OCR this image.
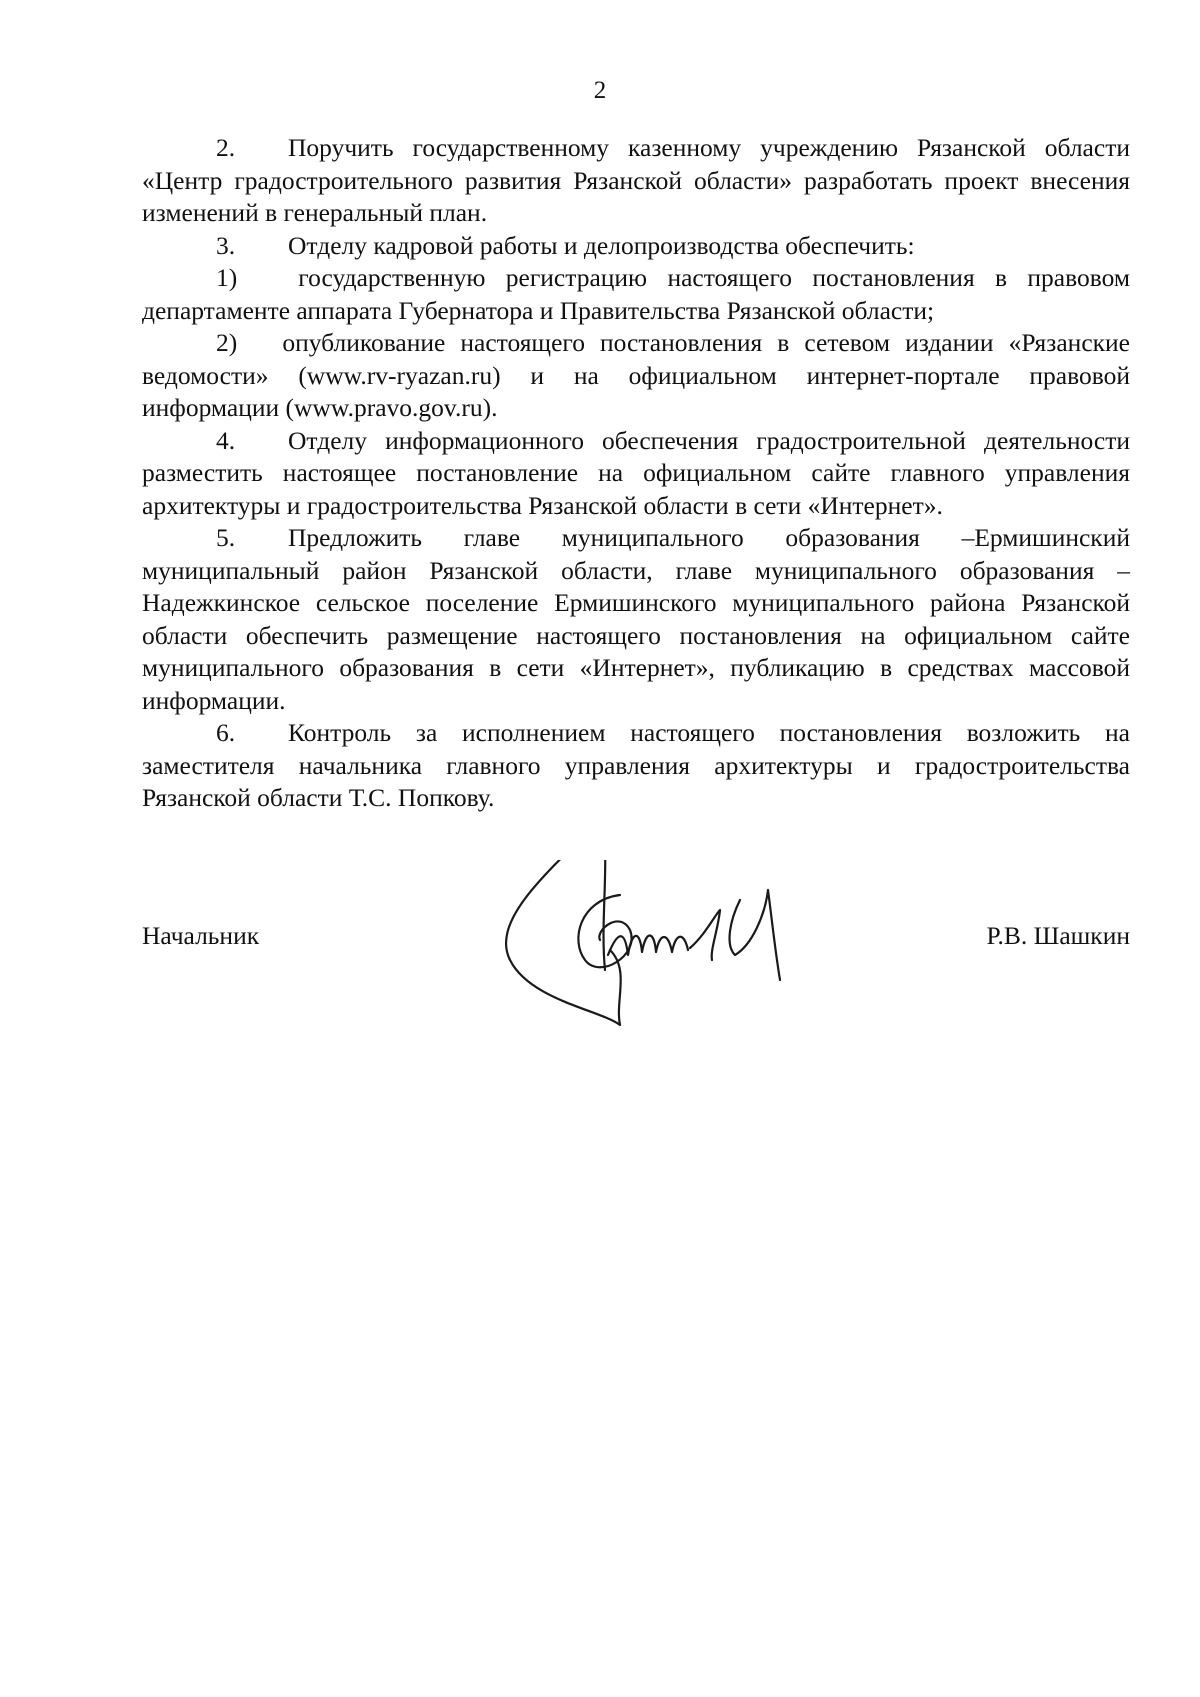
2

2. Поручить государственному казенному учреждению Рязанской области «Центр градостроительного развития Рязанской области» разработать проект внесения изменений в генеральный план.

3. Отделу кадровой работы и делопроизводства обеспечить:

1) государственную регистрацию настоящего постановления в правовом департаменте аппарата Губернатора и Правительства Рязанской области;

2) опубликование настоящего постановления в сетевом издании «Рязанские ведомости» (www.rv-ryazan.ru) и на официальном интернет-портале правовой информации (www.pravo.gov.ru).

4. Отделу информационного обеспечения градостроительной деятельности разместить настоящее постановление на официальном сайте главного управления архитектуры и градостроительства Рязанской области в сети «Интернет».

5. Предложить главе муниципального образования –Ермишинский муниципальный район Рязанской области, главе муниципального образования – Надежкинское сельское поселение Ермишинского муниципального района Рязанской области обеспечить размещение настоящего постановления на официальном сайте муниципального образования в сети «Интернет», публикацию в средствах массовой информации.

6. Контроль за исполнением настоящего постановления возложить на заместителя начальника главного управления архитектуры и градостроительства Рязанской области Т.С. Попкову.

Начальник	Р.В. Шашкин
